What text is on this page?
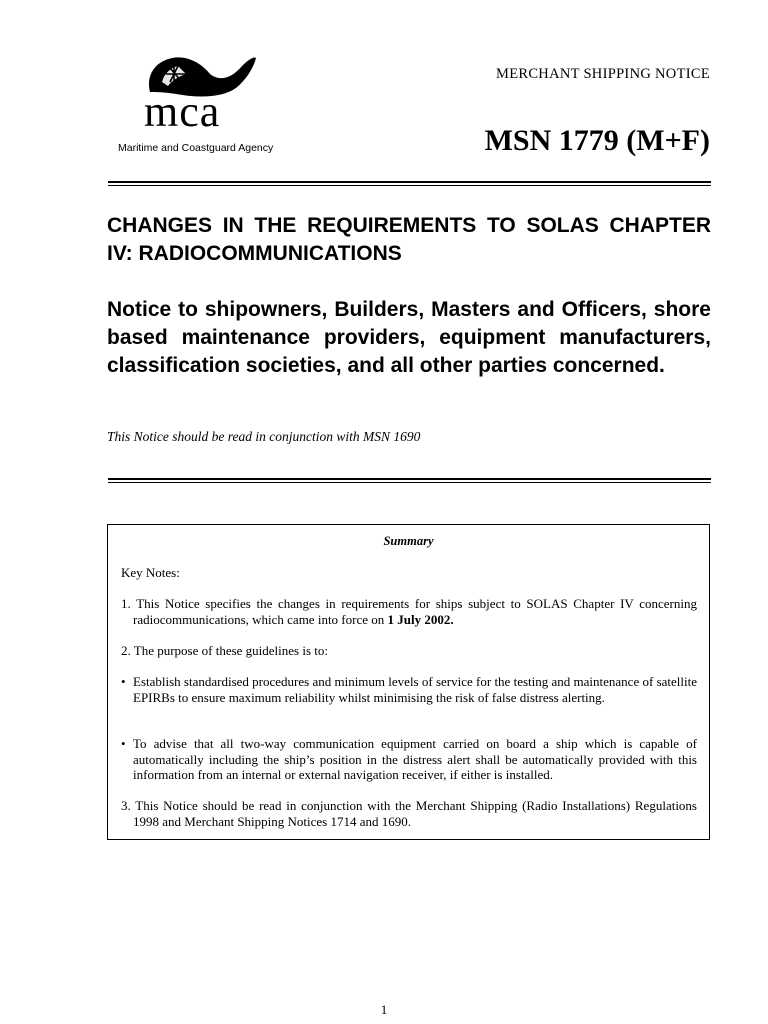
mca
Maritime and Coastguard Agency
MERCHANT SHIPPING NOTICE
MSN 1779 (M+F)
CHANGES IN THE REQUIREMENTS TO SOLAS CHAPTER IV: RADIOCOMMUNICATIONS
Notice to shipowners, Builders, Masters and Officers, shore based maintenance providers, equipment manufacturers, classification societies, and all other parties concerned.
This Notice should be read in conjunction with MSN 1690
Summary

Key Notes:

1. This Notice specifies the changes in requirements for ships subject to SOLAS Chapter IV concerning radiocommunications, which came into force on 1 July 2002.

2. The purpose of these guidelines is to:

• Establish standardised procedures and minimum levels of service for the testing and maintenance of satellite EPIRBs to ensure maximum reliability whilst minimising the risk of false distress alerting.

• To advise that all two-way communication equipment carried on board a ship which is capable of automatically including the ship’s position in the distress alert shall be automatically provided with this information from an internal or external navigation receiver, if either is installed.

3. This Notice should be read in conjunction with the Merchant Shipping (Radio Installations) Regulations 1998 and Merchant Shipping Notices 1714 and 1690.

1
